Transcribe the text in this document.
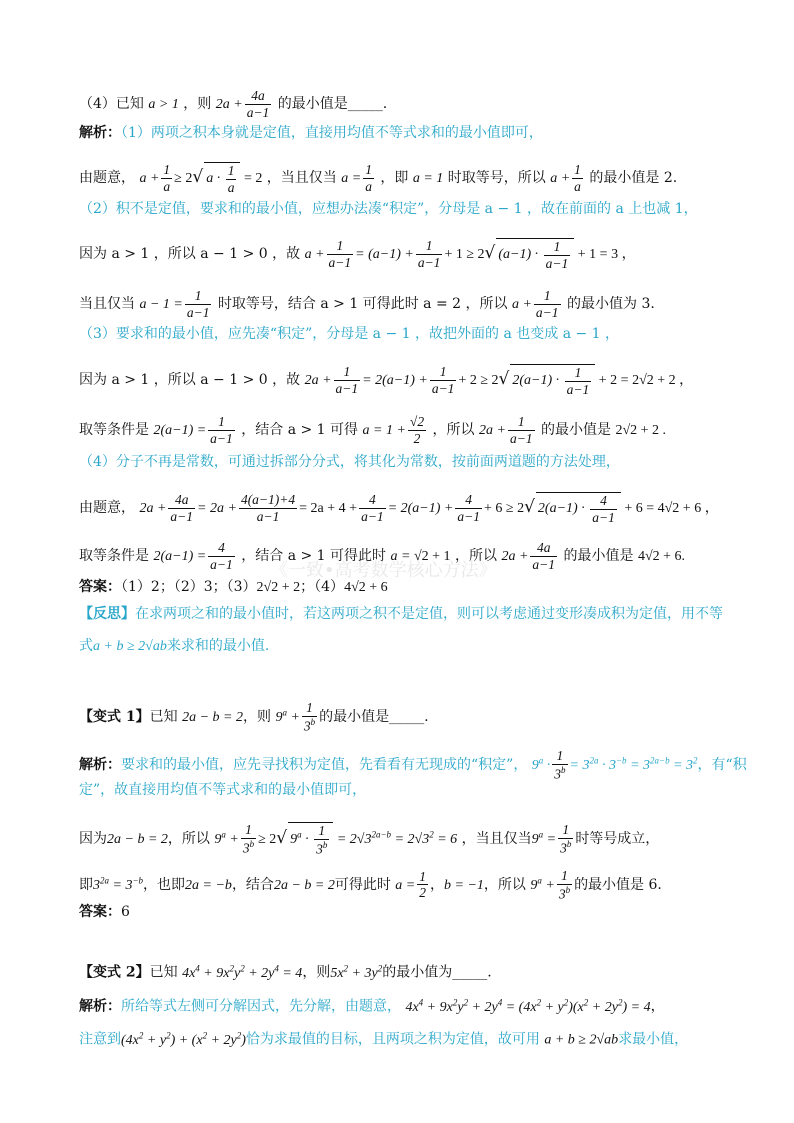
（4）已知 a > 1 ，则 $2a + \frac{4a}{a-1}$ 的最小值是_____.
解析：（1）两项之积本身就是定值，直接用均值不等式求和的最小值即可，
由题意， $a + \frac{1}{a} \ge 2√$ $a \cdot \frac{1}{a} = 2$ ，当且仅当 $a = \frac{1}{a}$ ，即 a = 1 时取等号，所以 $a + \frac{1}{a}$ 的最小值是 2.
（2）积不是定值，要求和的最小值，应想办法凑“积定”，分母是 a − 1 ，故在前面的 a 上也减 1，
因为 a > 1 ，所以 a − 1 > 0 ，故 $a + \frac{1}{a-1} = (a-1) + \frac{1}{a-1} + 1 \ge 2√$ $(a-1) \cdot \frac{1}{a-1} + 1 = 3$ ，
当且仅当 $a - 1 = \frac{1}{a-1}$ 时取等号，结合 a > 1 可得此时 a = 2 ，所以 $a + \frac{1}{a-1}$ 的最小值为 3.
（3）要求和的最小值，应先凑“积定”，分母是 a − 1 ，故把外面的 a 也变成 a − 1 ，
因为 a > 1 ，所以 a − 1 > 0 ，故 $2a + \frac{1}{a-1} = 2(a-1) + \frac{1}{a-1} + 2 \ge 2√$ $2(a-1) \cdot \frac{1}{a-1} + 2 = 2√2 + 2$ ，
取等条件是 $2(a-1) = \frac{1}{a-1}$ ，结合 a > 1 可得 $a = 1 + \frac{√2}{2}$ ，所以 $2a + \frac{1}{a-1}$ 的最小值是 2√2 + 2 .
（4）分子不再是常数，可通过拆部分分式，将其化为常数，按前面两道题的方法处理，
由题意， $2a + \frac{4a}{a-1} = 2a + \frac{4(a-1)+4}{a-1} = 2a + 4 + \frac{4}{a-1} = 2(a-1) + \frac{4}{a-1} + 6 \ge 2√$ $2(a-1) \cdot \frac{4}{a-1} + 6 = 4√2 + 6$ ，
取等条件是 $2(a-1) = \frac{4}{a-1}$ ，结合 a > 1 可得此时 a = √2 + 1 ，所以 $2a + \frac{4a}{a-1}$ 的最小值是 4√2 + 6.
《一致•高考数学核心方法》
答案：（1）2；（2）3；（3）2√2 + 2；（4）4√2 + 6
【反思】在求两项之和的最小值时，若这两项之积不是定值，则可以考虑通过变形凑成积为定值，用不等
式a + b ≥ 2√ab来求和的最小值.
【变式 1】已知 2a − b = 2，则 $9^a + \frac{1}{3^b}$ 的最小值是_____.
解析：要求和的最小值，应先寻找积为定值，先看看有无现成的“积定”， $9^a \cdot \frac{1}{3^b} = 3^{2a} \cdot 3^{-b} = 3^{2a-b} = 3^2$，有“积
定”，故直接用均值不等式求和的最小值即可，
因为2a − b = 2，所以 $9^a + \frac{1}{3^b} \ge 2√$ $9^a \cdot \frac{1}{3^b} = 2√3^{2a-b} = 2√3^2 = 6$ ，当且仅当$9^a = \frac{1}{3^b}$ 时等号成立，
即$3^{2a} = 3^{-b}$，也即2a = −b，结合2a − b = 2可得此时 $a = \frac{1}{2}$ ，b = −1，所以 $9^a + \frac{1}{3^b}$ 的最小值是 6.
答案：6
【变式 2】已知 $4x^4 + 9x^2y^2 + 2y^4 = 4$，则$5x^2 + 3y^2$的最小值为_____.
解析：所给等式左侧可分解因式，先分解，由题意， $4x^4 + 9x^2y^2 + 2y^4 = (4x^2 + y^2)(x^2 + 2y^2) = 4$，
注意到$(4x^2 + y^2) + (x^2 + 2y^2)$恰为求最值的目标，且两项之积为定值，故可用 a + b ≥ 2√ab求最小值，
